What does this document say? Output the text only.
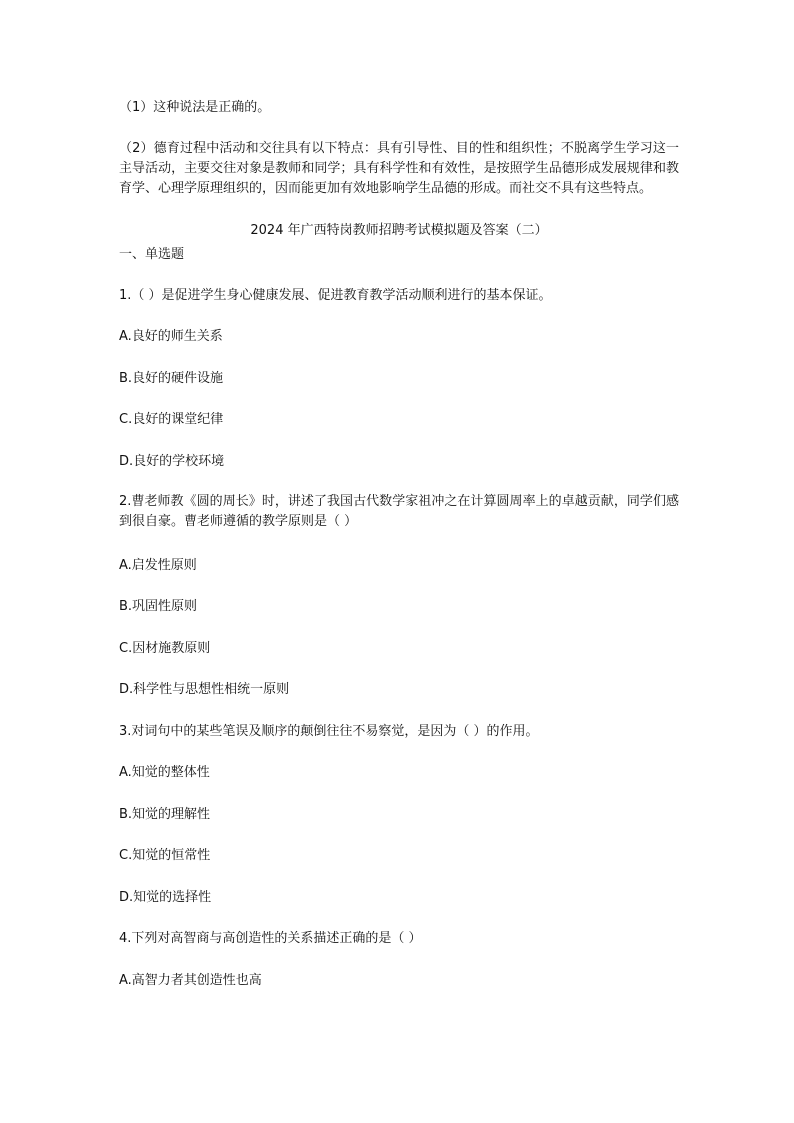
（1）这种说法是正确的。

（2）德育过程中活动和交往具有以下特点：具有引导性、目的性和组织性；不脱离学生学习这一主导活动，主要交往对象是教师和同学；具有科学性和有效性，是按照学生品德形成发展规律和教育学、心理学原理组织的，因而能更加有效地影响学生品德的形成。而社交不具有这些特点。

2024 年广西特岗教师招聘考试模拟题及答案（二）

一、单选题

1.（ ）是促进学生身心健康发展、促进教育教学活动顺利进行的基本保证。

A.良好的师生关系

B.良好的硬件设施

C.良好的课堂纪律

D.良好的学校环境

2.曹老师教《圆的周长》时，讲述了我国古代数学家祖冲之在计算圆周率上的卓越贡献，同学们感到很自豪。曹老师遵循的教学原则是（ ）

A.启发性原则

B.巩固性原则

C.因材施教原则

D.科学性与思想性相统一原则

3.对词句中的某些笔误及顺序的颠倒往往不易察觉，是因为（ ）的作用。

A.知觉的整体性

B.知觉的理解性

C.知觉的恒常性

D.知觉的选择性

4.下列对高智商与高创造性的关系描述正确的是（ ）

A.高智力者其创造性也高
